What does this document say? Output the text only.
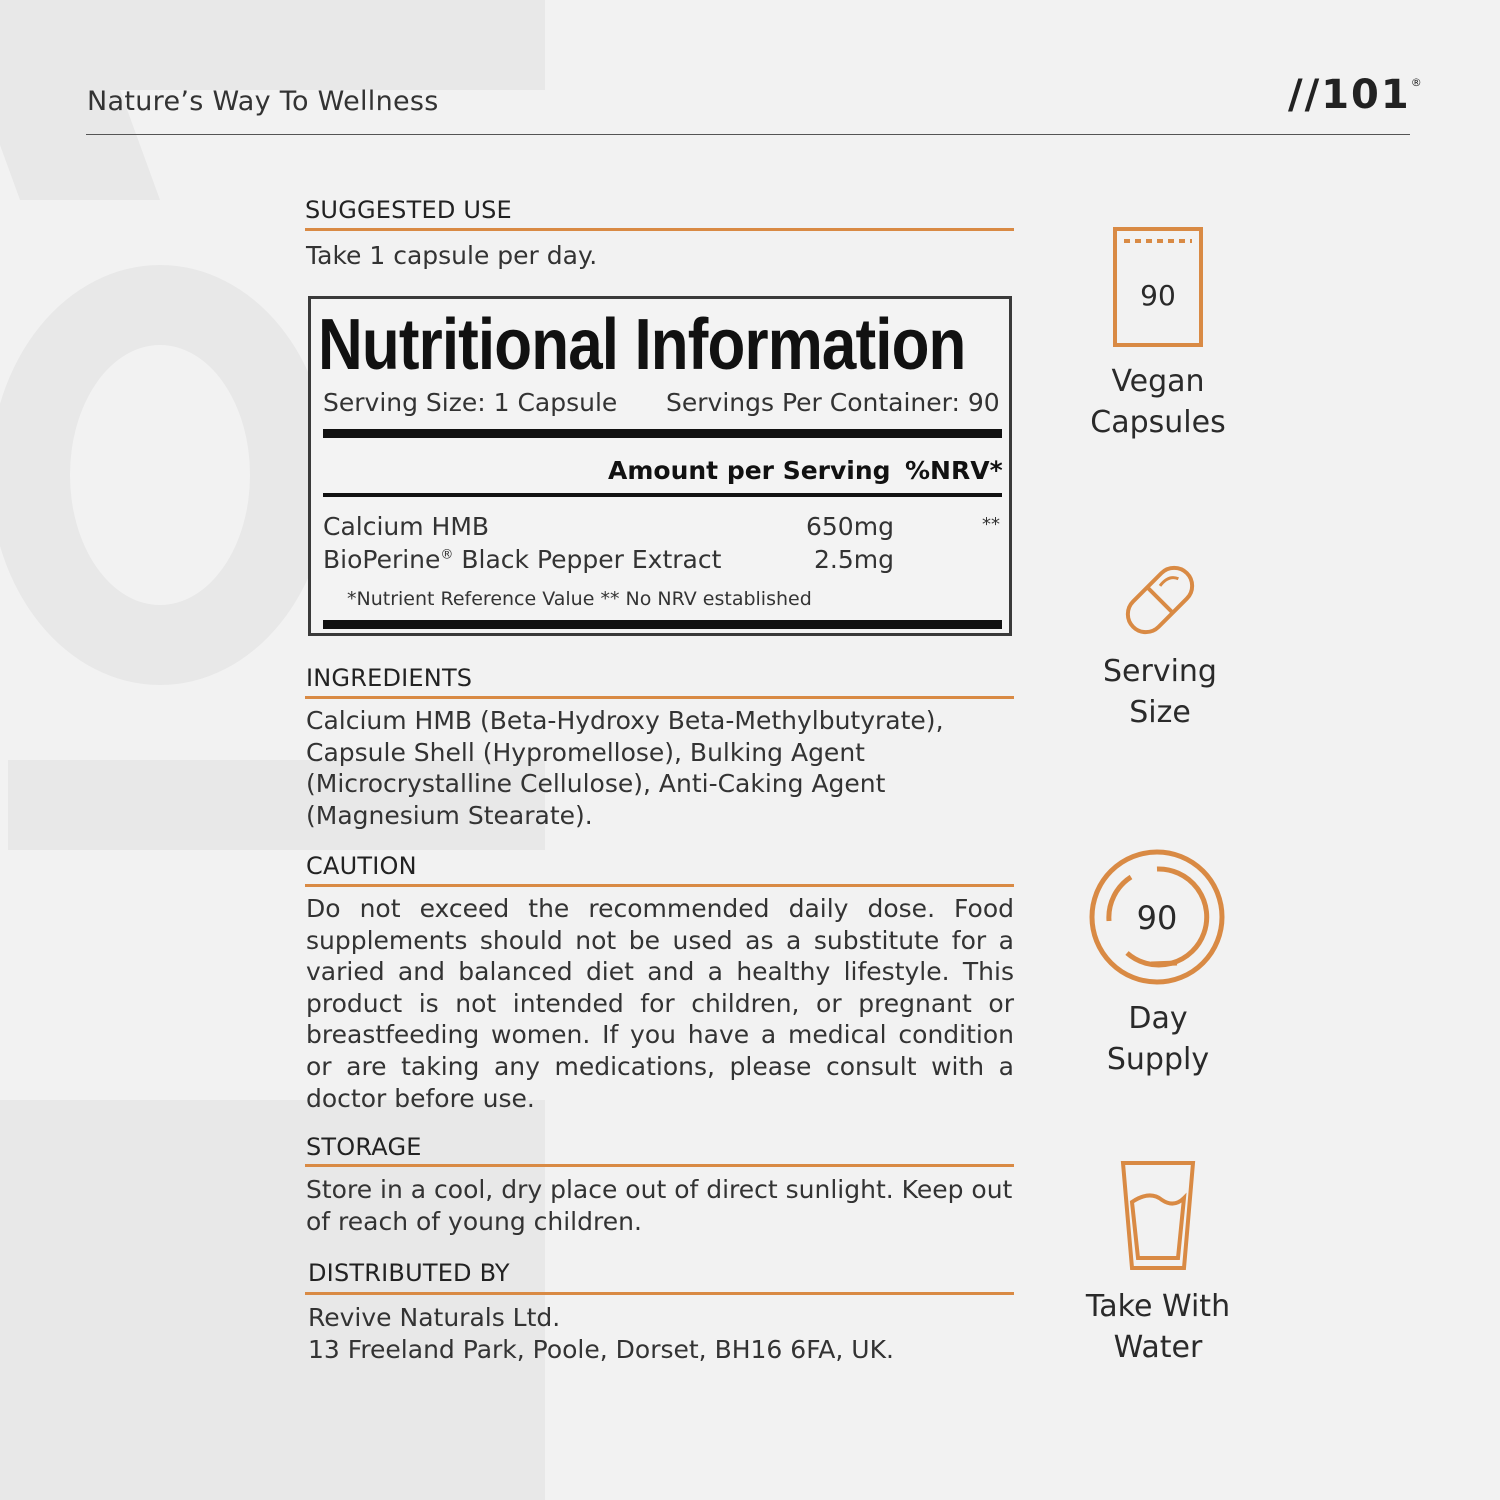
Nature’s Way To Wellness	//101®
SUGGESTED USE
Take 1 capsule per day.
Nutritional Information
Serving Size: 1 Capsule Servings Per Container: 90
Amount per Serving %NRV*
Calcium HMB	650mg	**
BioPerine® Black Pepper Extract	2.5mg
*Nutrient Reference Value ** No NRV established
INGREDIENTS
Calcium HMB (Beta-Hydroxy Beta-Methylbutyrate),
Capsule Shell (Hypromellose), Bulking Agent
(Microcrystalline Cellulose), Anti-Caking Agent
(Magnesium Stearate).
CAUTION
Do not exceed the recommended daily dose. Food supplements should not be used as a substitute for a varied and balanced diet and a healthy lifestyle. This product is not intended for children, or pregnant or breastfeeding women. If you have a medical condition or are taking any medications, please consult with a doctor before use.
STORAGE
Store in a cool, dry place out of direct sunlight. Keep out of reach of young children.
DISTRIBUTED BY
Revive Naturals Ltd.
13 Freeland Park, Poole, Dorset, BH16 6FA, UK.
90
Vegan
Capsules
Serving
Size
90
Day
Supply
Take With
Water
